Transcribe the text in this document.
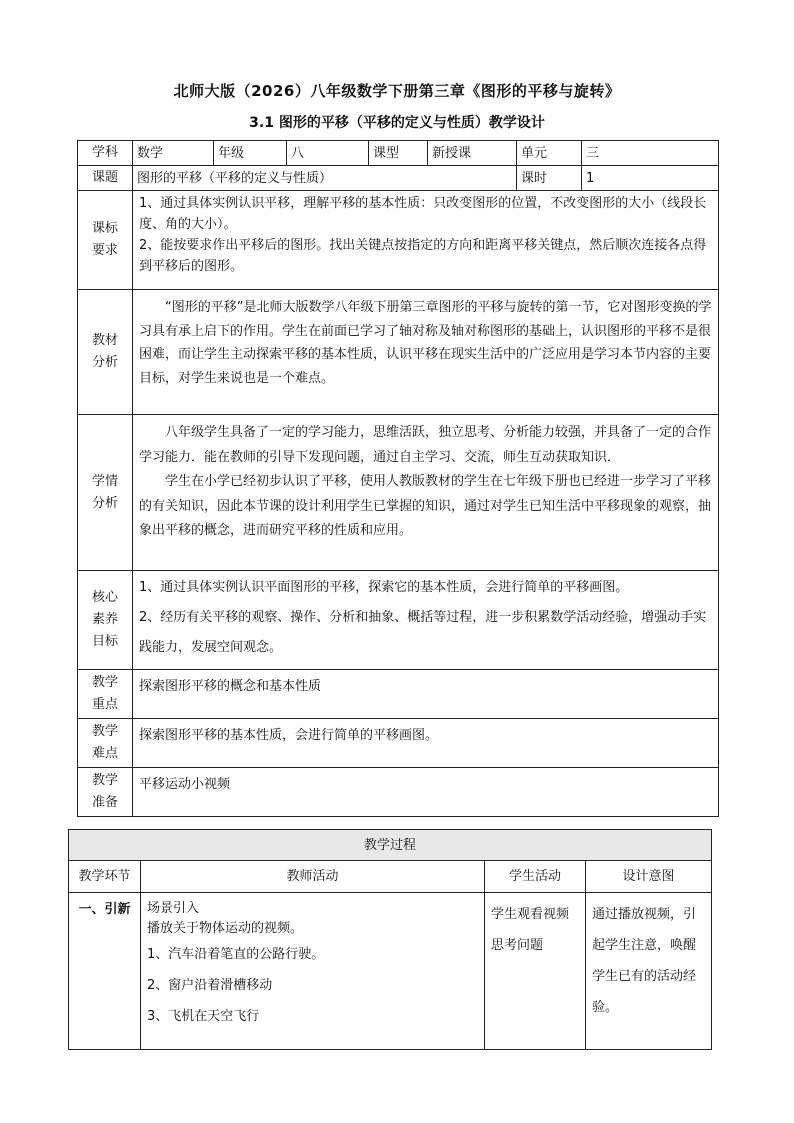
北师大版（2026）八年级数学下册第三章《图形的平移与旋转》
3.1 图形的平移（平移的定义与性质）教学设计
学科	数学	年级	八	课型	新授课	单元	三
课题	图形的平移（平移的定义与性质）					课时	1
课标要求	1、通过具体实例认识平移，理解平移的基本性质：只改变图形的位置，不改变图形的大小（线段长度、角的大小）。

2、能按要求作出平移后的图形。找出关键点按指定的方向和距离平移关键点，然后顺次连接各点得到平移后的图形。						

教材分析	“图形的平移”是北师大版数学八年级下册第三章图形的平移与旋转的第一节，它对图形变换的学习具有承上启下的作用。学生在前面已学习了轴对称及轴对称图形的基础上，认识图形的平移不是很困难，而让学生主动探索平移的基本性质，认识平移在现实生活中的广泛应用是学习本节内容的主要目标，对学生来说也是一个难点。						

学情分析	八年级学生具备了一定的学习能力，思维活跃，独立思考、分析能力较强，并具备了一定的合作学习能力．能在教师的引导下发现问题，通过自主学习、交流，师生互动获取知识．

学生在小学已经初步认识了平移，使用人教版教材的学生在七年级下册也已经进一步学习了平移的有关知识，因此本节课的设计利用学生已掌握的知识，通过对学生已知生活中平移现象的观察，抽象出平移的概念，进而研究平移的性质和应用。						

核心素养目标	1、通过具体实例认识平面图形的平移，探索它的基本性质，会进行简单的平移画图。

2、经历有关平移的观察、操作、分析和抽象、概括等过程，进一步积累数学活动经验，增强动手实践能力，发展空间观念。						

教学重点	探索图形平移的概念和基本性质						
教学难点	探索图形平移的基本性质，会进行简单的平移画图。						
教学准备	平移运动小视频						
教学过程			
教学环节	教师活动	学生活动	设计意图
一、引新	场景引入

播放关于物体运动的视频。

1、汽车沿着笔直的公路行驶。

2、窗户沿着滑槽移动

3、飞机在天空飞行	学生观看视频思考问题	通过播放视频，引起学生注意，唤醒学生已有的活动经验。
